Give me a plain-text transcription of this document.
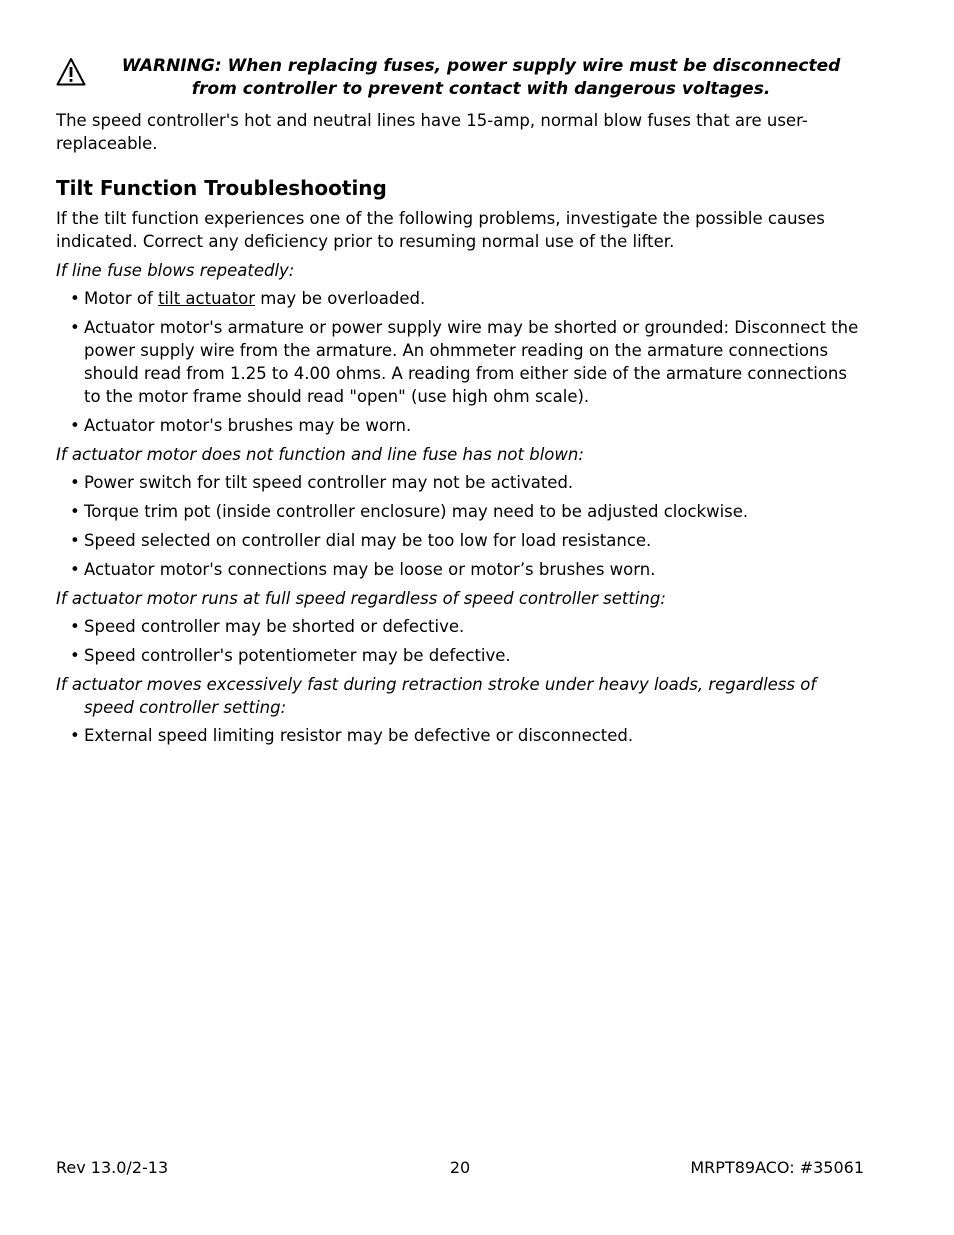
WARNING: When replacing fuses, power supply wire must be disconnected from controller to prevent contact with dangerous voltages.

The speed controller's hot and neutral lines have 15-amp, normal blow fuses that are user-replaceable.

Tilt Function Troubleshooting

If the tilt function experiences one of the following problems, investigate the possible causes indicated. Correct any deficiency prior to resuming normal use of the lifter.

If line fuse blows repeatedly:

• Motor of tilt actuator may be overloaded.
• Actuator motor's armature or power supply wire may be shorted or grounded: Disconnect the power supply wire from the armature. An ohmmeter reading on the armature connections should read from 1.25 to 4.00 ohms. A reading from either side of the armature connections to the motor frame should read "open" (use high ohm scale).
• Actuator motor's brushes may be worn.

If actuator motor does not function and line fuse has not blown:

• Power switch for tilt speed controller may not be activated.
• Torque trim pot (inside controller enclosure) may need to be adjusted clockwise.
• Speed selected on controller dial may be too low for load resistance.
• Actuator motor's connections may be loose or motor’s brushes worn.

If actuator motor runs at full speed regardless of speed controller setting:

• Speed controller may be shorted or defective.
• Speed controller's potentiometer may be defective.

If actuator moves excessively fast during retraction stroke under heavy loads, regardless of speed controller setting:

• External speed limiting resistor may be defective or disconnected.
Rev 13.0/2-13	20	MRPT89ACO: #35061
